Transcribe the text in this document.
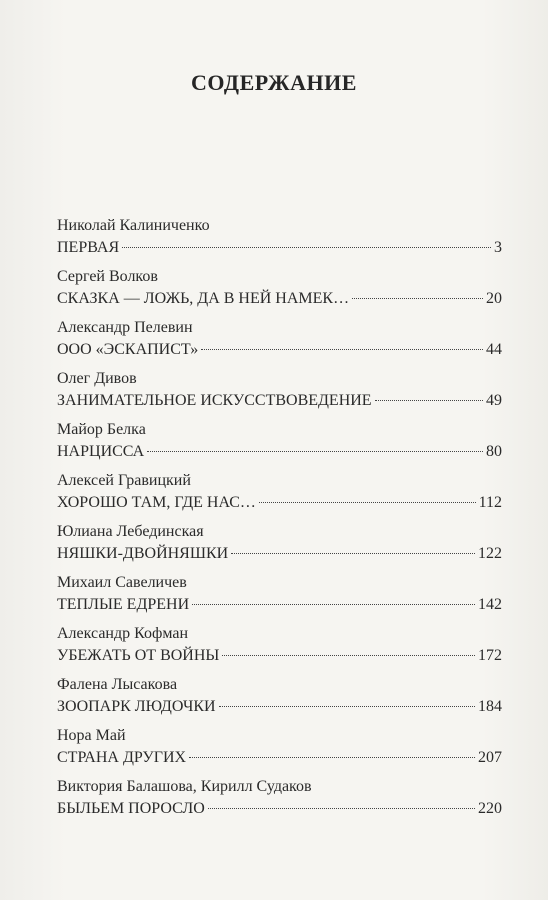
СОДЕРЖАНИЕ
Николай Калиниченко
ПЕРВАЯ	3
Сергей Волков
СКАЗКА — ЛОЖЬ, ДА В НЕЙ НАМЕК…	20
Александр Пелевин
ООО «ЭСКАПИСТ»	44
Олег Дивов
ЗАНИМАТЕЛЬНОЕ ИСКУССТВОВЕДЕНИЕ	49
Майор Белка
НАРЦИССА	80
Алексей Гравицкий
ХОРОШО ТАМ, ГДЕ НАС…	112
Юлиана Лебединская
НЯШКИ-ДВОЙНЯШКИ	122
Михаил Савеличев
ТЕПЛЫЕ ЕДРЕНИ	142
Александр Кофман
УБЕЖАТЬ ОТ ВОЙНЫ	172
Фалена Лысакова
ЗООПАРК ЛЮДОЧКИ	184
Нора Май
СТРАНА ДРУГИХ	207
Виктория Балашова, Кирилл Судаков
БЫЛЬЕМ ПОРОСЛО	220
